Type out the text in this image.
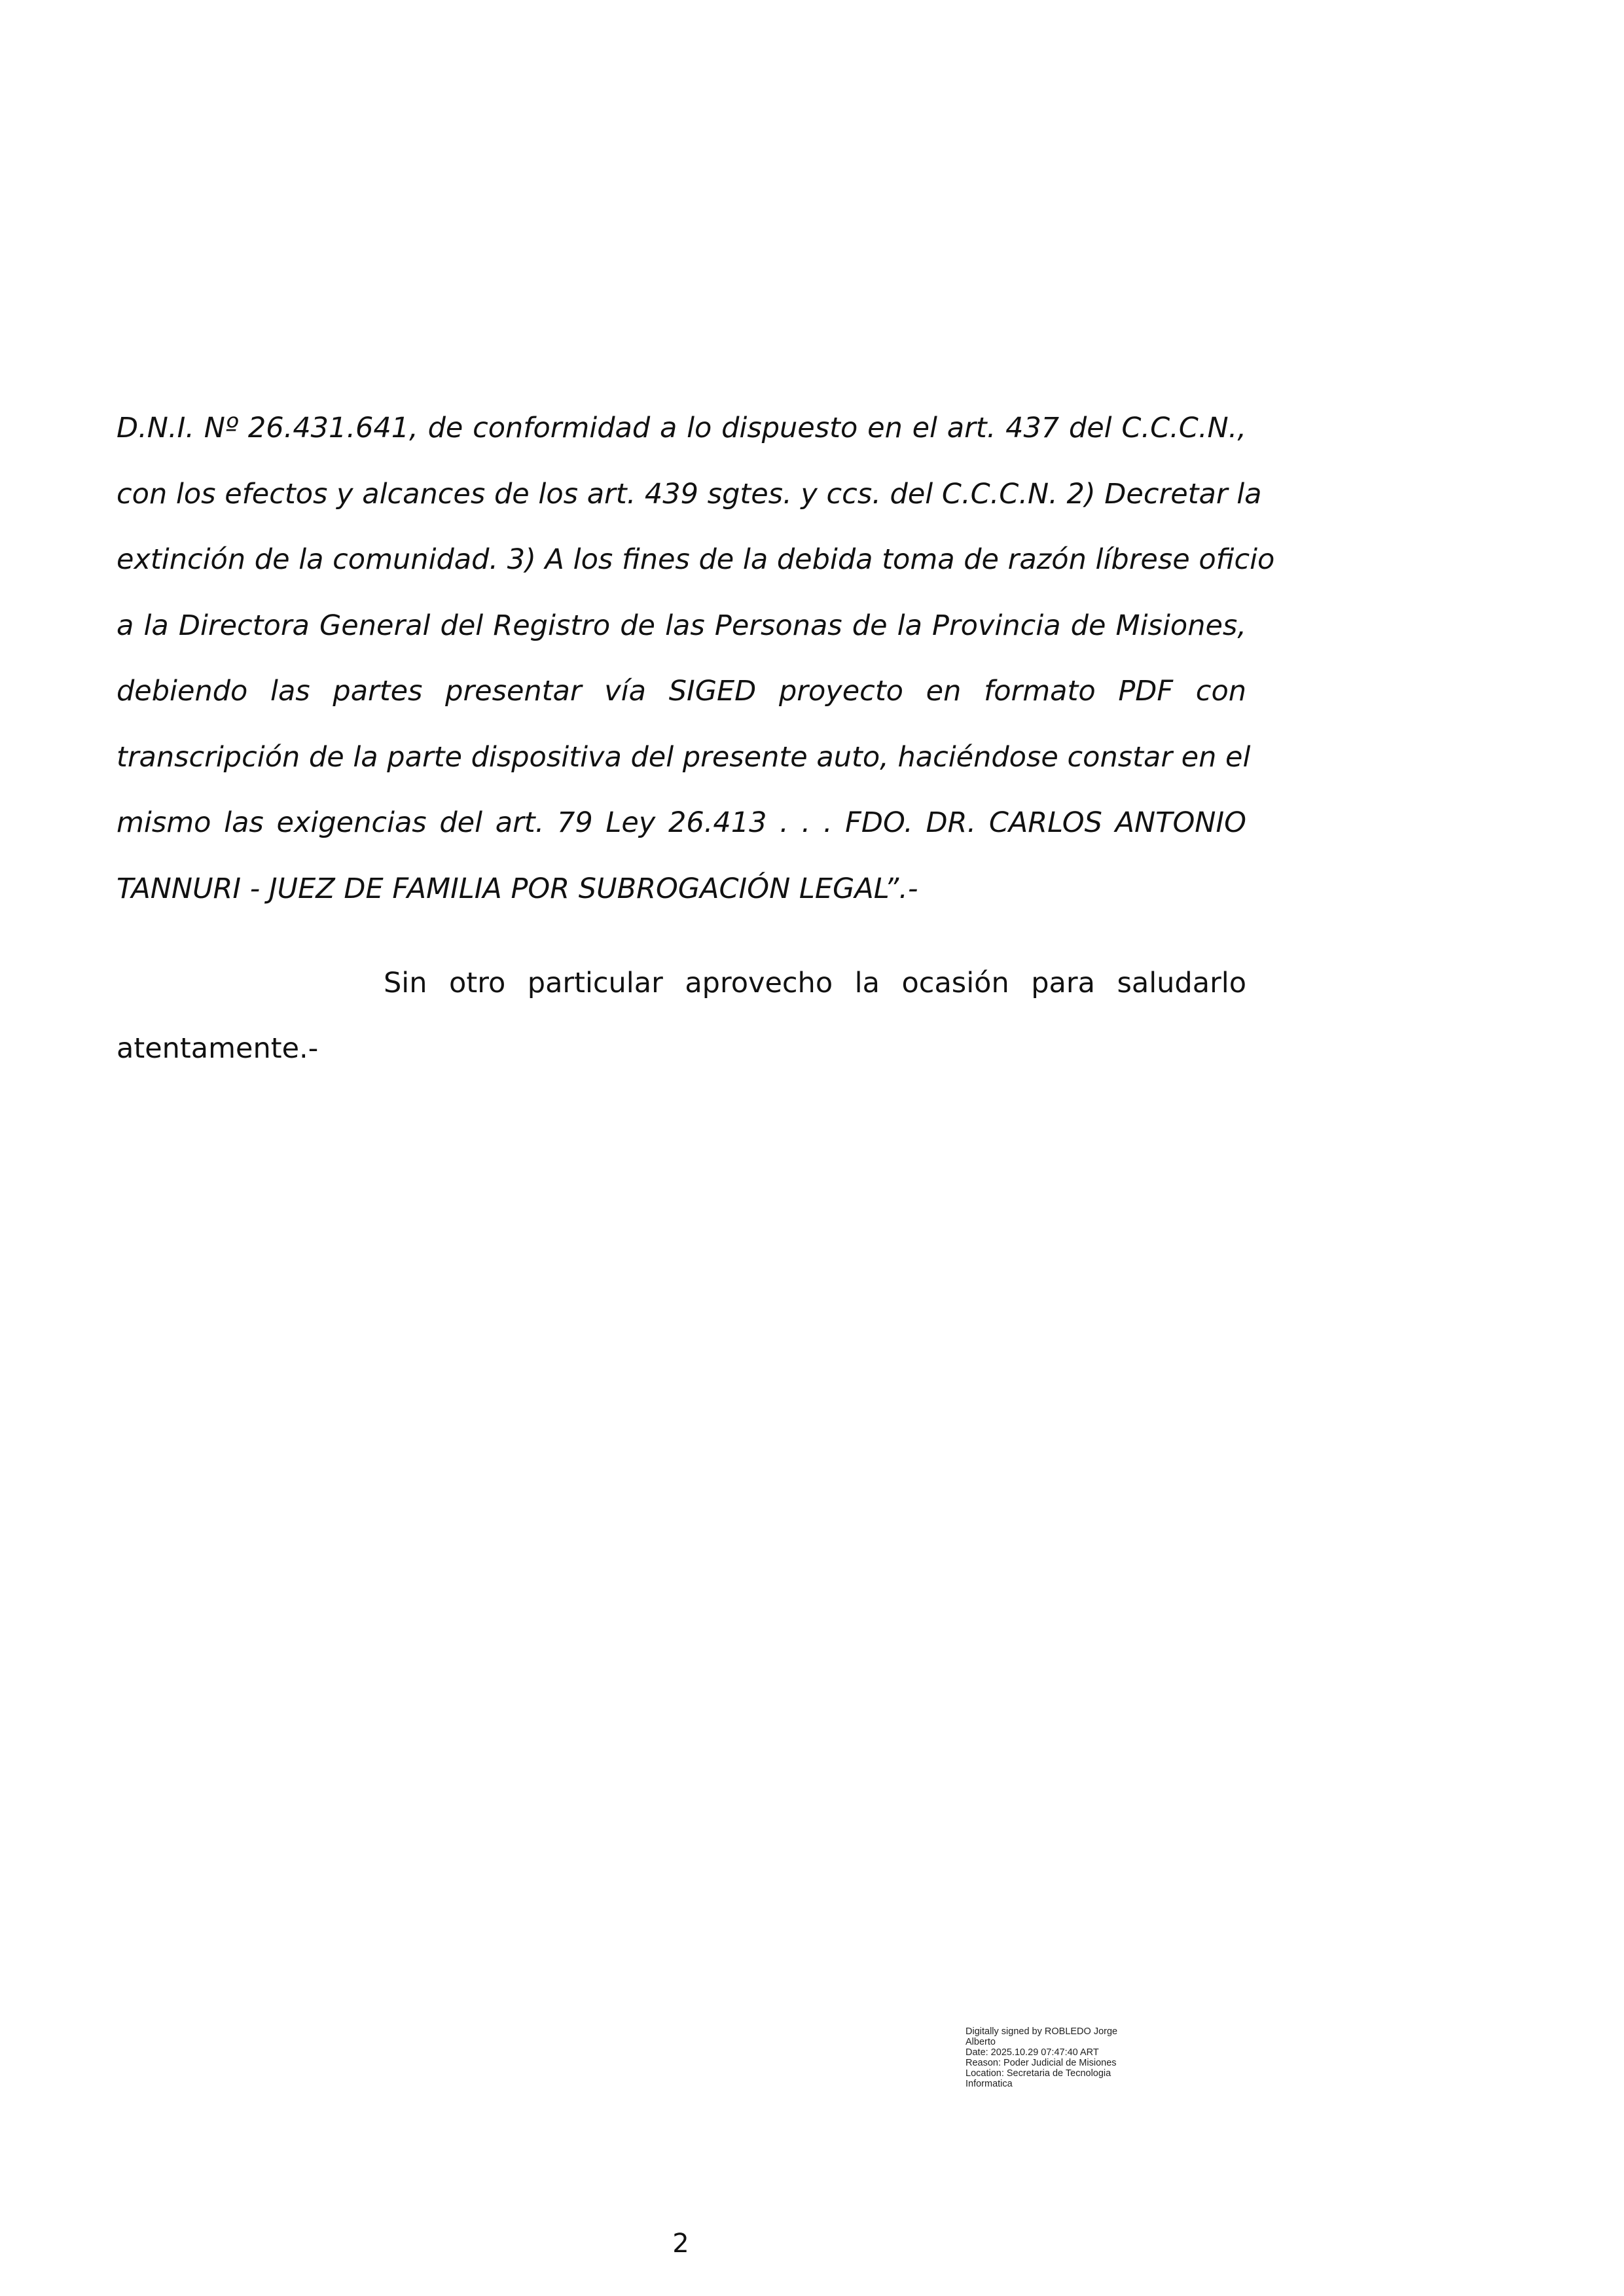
D.N.I. Nº 26.431.641, de conformidad a lo dispuesto en el art. 437 del C.C.C.N.,
con los efectos y alcances de los art. 439 sgtes. y ccs. del C.C.C.N. 2) Decretar la
extinción de la comunidad. 3) A los fines de la debida toma de razón líbrese oficio
a la Directora General del Registro de las Personas de la Provincia de Misiones,
debiendo las partes presentar vía SIGED proyecto en formato PDF con
transcripción de la parte dispositiva del presente auto, haciéndose constar en el
mismo las exigencias del art. 79 Ley 26.413 . . . FDO. DR. CARLOS ANTONIO
TANNURI - JUEZ DE FAMILIA POR SUBROGACIÓN LEGAL”.-
Sin otro particular aprovecho la ocasión para saludarlo
atentamente.-
Digitally signed by ROBLEDO Jorge
Alberto
Date: 2025.10.29 07:47:40 ART
Reason: Poder Judicial de Misiones
Location: Secretaria de Tecnologia
Informatica
2
